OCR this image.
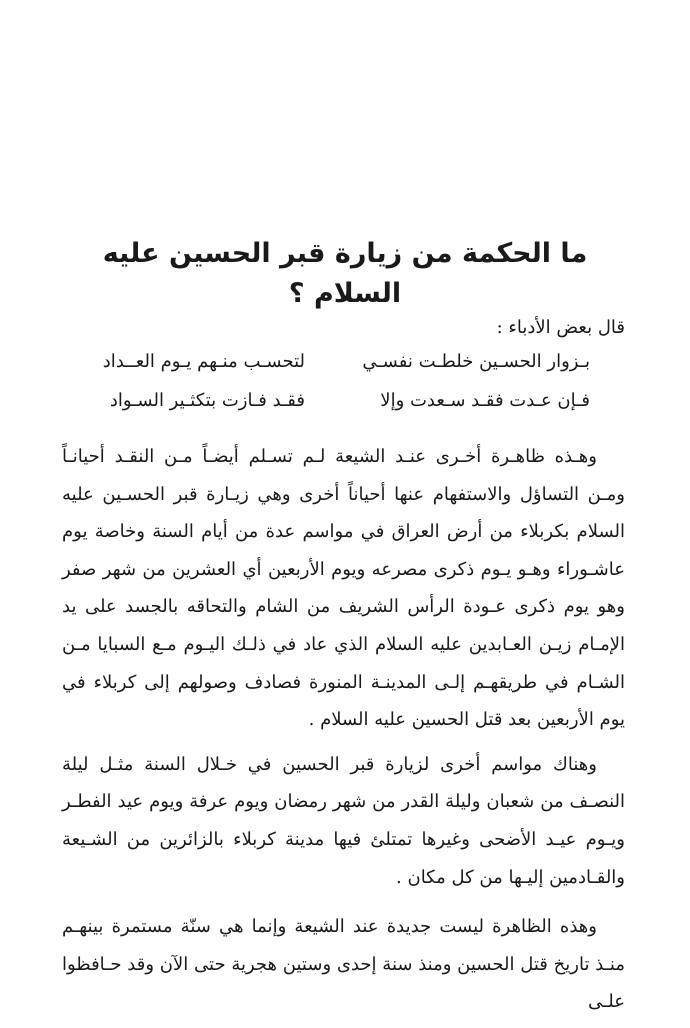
ما الحكمة من زيارة قبر الحسين عليه السلام ؟
قال بعض الأدباء :
بـزوار الحسـين خلطـت نفسـي
لتحسـب منـهم يـوم العــداد
فـإن عـدت فقـد سـعدت وإلا
فقـد فـازت بتكثـير السـواد

وهـذه ظاهـرة أخـرى عنـد الشيعة لـم تسـلم أيضـاً مـن النقـد أحيانـاً ومـن التساؤل والاستفهام عنها أحياناً أخرى وهي زيـارة قبر الحسـين عليه السلام بكربلاء من أرض العراق في مواسم عدة من أيام السنة وخاصة يوم عاشـوراء وهـو يـوم ذكرى مصرعه ويوم الأربعين أي العشرين من شهر صفر وهو يوم ذكرى عـودة الرأس الشريف من الشام والتحاقه بالجسد على يد الإمـام زيـن العـابدين عليه السلام الذي عاد في ذلـك اليـوم مـع السبايا مـن الشـام في طريقهـم إلـى المدينـة المنورة فصادف وصولهم إلى كربلاء في يوم الأربعين بعد قتل الحسين عليه السلام .

وهناك مواسم أخرى لزيارة قبر الحسين في خـلال السنة مثـل ليلة النصـف من شعبان وليلة القدر من شهر رمضان ويوم عرفة ويوم عيد الفطـر ويـوم عيـد الأضحى وغيرها تمتلئ فيها مدينة كربلاء بالزائرين من الشـيعة والقـادمين إليـها من كل مكان .

وهذه الظاهرة ليست جديدة عند الشيعة وإنما هي سنّة مستمرة بينهـم منـذ تاريخ قتل الحسين ومنذ سنة إحدى وستين هجرية حتى الآن وقد حـافظوا علـى
